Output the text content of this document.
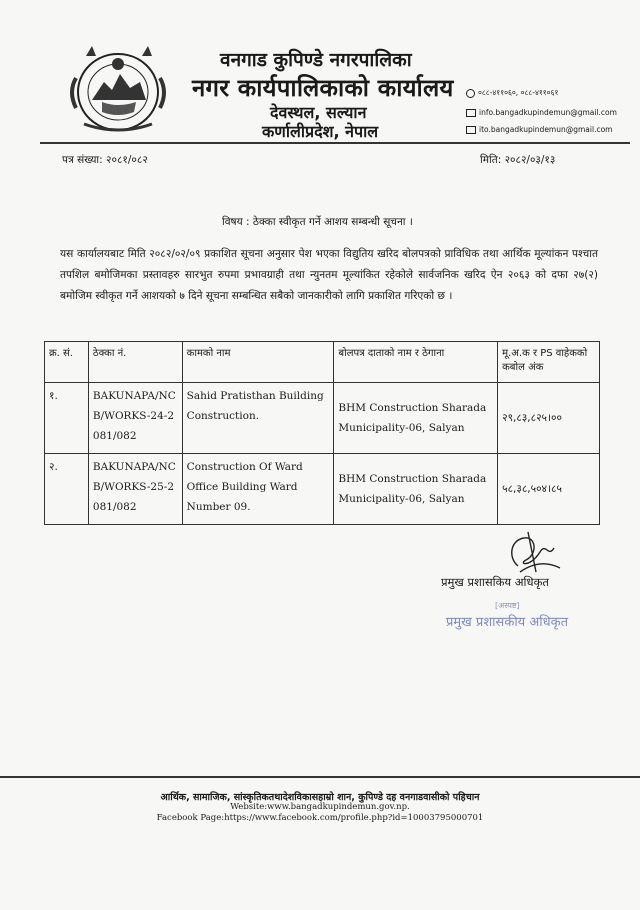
वनगाड कुपिण्डे नगरपालिका
नगर कार्यपालिकाको कार्यालय
देवस्थल, सल्यान
कर्णालीप्रदेश, नेपाल
०८८-४११०६०, ०८८-४११०६१
info.bangadkupindemun@gmail.com
ito.bangadkupindemun@gmail.com
पत्र संख्या: २०८१/०८२	मिति: २०८२/०३/१३
विषय : ठेक्का स्वीकृत गर्ने आशय सम्बन्धी सूचना ।
यस कार्यालयबाट मिति २०८२/०२/०९ प्रकाशित सूचना अनुसार पेश भएका विद्युतिय खरिद बोलपत्रको प्राविधिक तथा आर्थिक मूल्यांकन पश्चात तपशिल बमोजिमका प्रस्तावहरु सारभुत रुपमा प्रभावग्राही तथा न्युनतम मूल्यांकित रहेकोले सार्वजनिक खरिद ऐन २०६३ को दफा २७(२) बमोजिम स्वीकृत गर्ने आशयको ७ दिने सूचना सम्बन्धित सबैको जानकारीको लागि प्रकाशित गरिएको छ ।
क्र. सं.	ठेक्का नं.	कामको नाम	बोलपत्र दाताको नाम र ठेगाना	मू.अ.क र PS वाहेकको कबोल अंक
१.	BAKUNAPA/NCB/WORKS-24-2081/082	Sahid Pratisthan Building Construction.	BHM Construction Sharada Municipality-06, Salyan	२९,८३,८२५।००
२.	BAKUNAPA/NCB/WORKS-25-2081/082	Construction Of Ward Office Building Ward Number 09.	BHM Construction Sharada Municipality-06, Salyan	५८,३८,५०४।८५
प्रमुख प्रशासकिय अधिकृत
[अस्पष्ट]
प्रमुख प्रशासकीय अधिकृत
आर्थिक, सामाजिक, सांस्कृतिकतथादेशविकासहाम्रो शान, कुपिण्डे दह वनगाडवासीको पहिचान
Website:www.bangadkupindemun.gov.np.
Facebook Page:https://www.facebook.com/profile.php?id=100037950007​01
